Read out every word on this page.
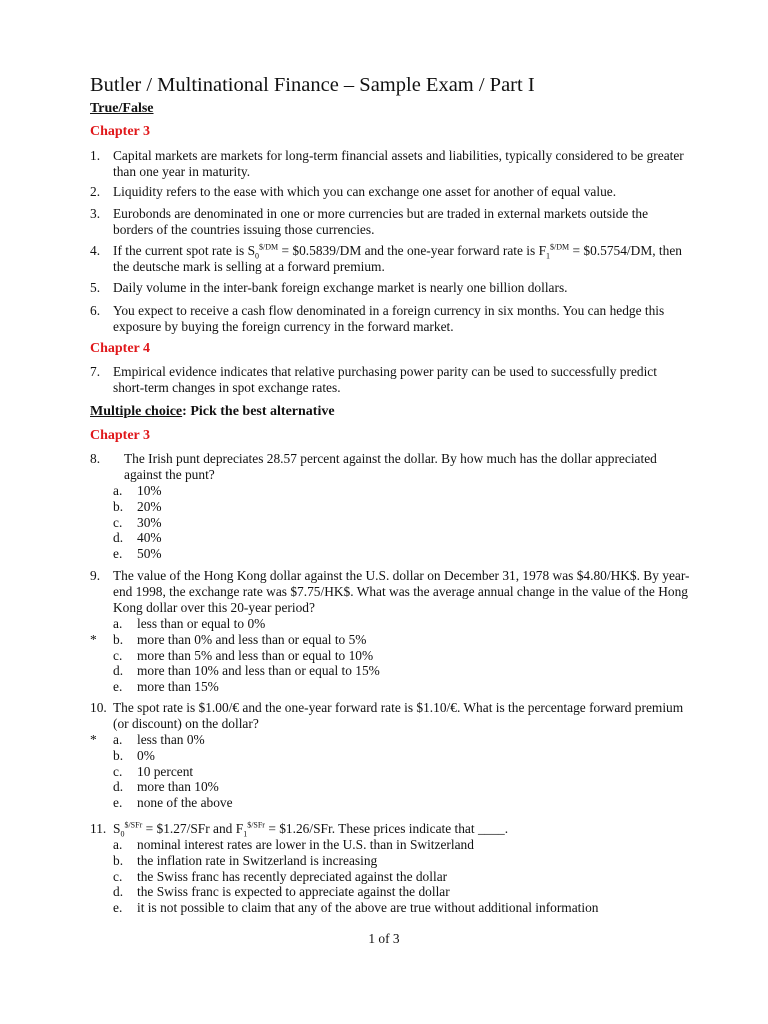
Butler / Multinational Finance – Sample Exam / Part I
True/False
Chapter 3
1. Capital markets are markets for long-term financial assets and liabilities, typically considered to be greater than one year in maturity.
2. Liquidity refers to the ease with which you can exchange one asset for another of equal value.
3. Eurobonds are denominated in one or more currencies but are traded in external markets outside the borders of the countries issuing those currencies.
4. If the current spot rate is $S_0^{\$/DM}$ = $0.5839/DM and the one-year forward rate is $F_1^{\$/DM}$ = $0.5754/DM, then the deutsche mark is selling at a forward premium.
5. Daily volume in the inter-bank foreign exchange market is nearly one billion dollars.
6. You expect to receive a cash flow denominated in a foreign currency in six months. You can hedge this exposure by buying the foreign currency in the forward market.
Chapter 4
7. Empirical evidence indicates that relative purchasing power parity can be used to successfully predict short-term changes in spot exchange rates.
Multiple choice: Pick the best alternative
Chapter 3
8. The Irish punt depreciates 28.57 percent against the dollar. By how much has the dollar appreciated against the punt?
a. 10%
b. 20%
c. 30%
d. 40%
e. 50%
9. The value of the Hong Kong dollar against the U.S. dollar on December 31, 1978 was $4.80/HK$. By year-end 1998, the exchange rate was $7.75/HK$. What was the average annual change in the value of the Hong Kong dollar over this 20-year period?
a. less than or equal to 0%
* b. more than 0% and less than or equal to 5%
c. more than 5% and less than or equal to 10%
d. more than 10% and less than or equal to 15%
e. more than 15%
10. The spot rate is $1.00/€ and the one-year forward rate is $1.10/€. What is the percentage forward premium (or discount) on the dollar?
* a. less than 0%
b. 0%
c. 10 percent
d. more than 10%
e. none of the above
11. $S_0^{\$/SFr}$ = $1.27/SFr and $F_1^{\$/SFr}$ = $1.26/SFr. These prices indicate that ____.
a. nominal interest rates are lower in the U.S. than in Switzerland
b. the inflation rate in Switzerland is increasing
c. the Swiss franc has recently depreciated against the dollar
d. the Swiss franc is expected to appreciate against the dollar
e. it is not possible to claim that any of the above are true without additional information
1 of 3
